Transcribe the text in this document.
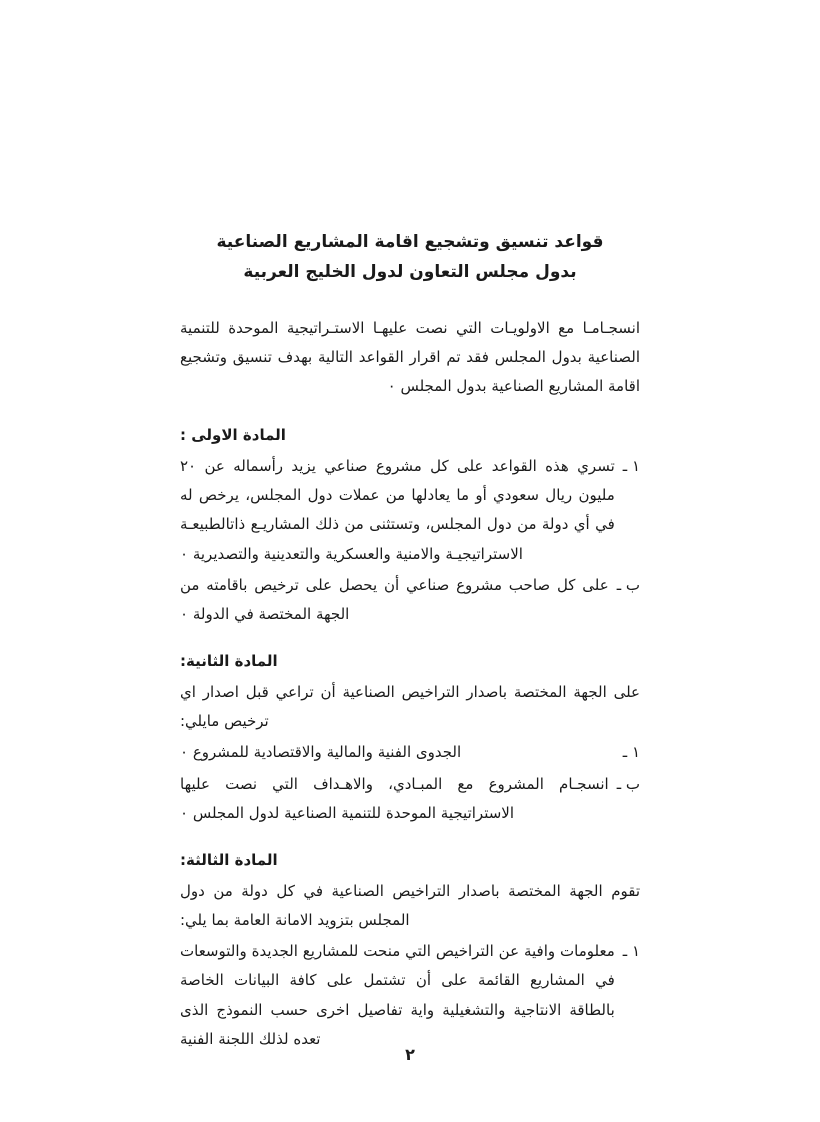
قواعد تنسيق وتشجيع اقامة المشاريع الصناعية
بدول مجلس التعاون لدول الخليج العربية

انسجـامـا مع الاولويـات التي نصت عليهـا الاستـراتيجية الموحدة للتنمية الصناعية بدول المجلس فقد تم اقرار القواعد التالية بهدف تنسيق وتشجيع اقامة المشاريع الصناعية بدول المجلس ٠

المادة الاولى :
١ ـ
تسري هذه القواعد على كل مشروع صناعي يزيد رأسماله عن ٢٠ مليون ريال سعودي أو ما يعادلها من عملات دول المجلس، يرخص له في أي دولة من دول المجلس، وتستثنى من ذلك المشاريـع ذاتالطبيعـة الاستراتيجيـة والامنية والعسكرية والتعدينية والتصديرية ٠
ب ـ
على كل صاحب مشروع صناعي أن يحصل على ترخيص باقامته من الجهة المختصة في الدولة ٠
المادة الثانية:
على الجهة المختصة باصدار التراخيص الصناعية أن تراعي قبل اصدار اي ترخيص مايلي:
١ ـ
الجدوى الفنية والمالية والاقتصادية للمشروع ٠
ب ـ
انسجـام المشروع مع المبـادي، والاهـداف التي نصت عليها الاستراتيجية الموحدة للتنمية الصناعية لدول المجلس ٠
المادة الثالثة:
تقوم الجهة المختصة باصدار التراخيص الصناعية في كل دولة من دول المجلس بتزويد الامانة العامة بما يلي:
١ ـ
معلومات وافية عن التراخيص التي منحت للمشاريع الجديدة والتوسعات في المشاريع القائمة على أن تشتمل على كافة البيانات الخاصة بالطاقة الانتاجية والتشغيلية واية تفاصيل اخرى حسب النموذج الذى تعده لذلك اللجنة الفنية
٢
